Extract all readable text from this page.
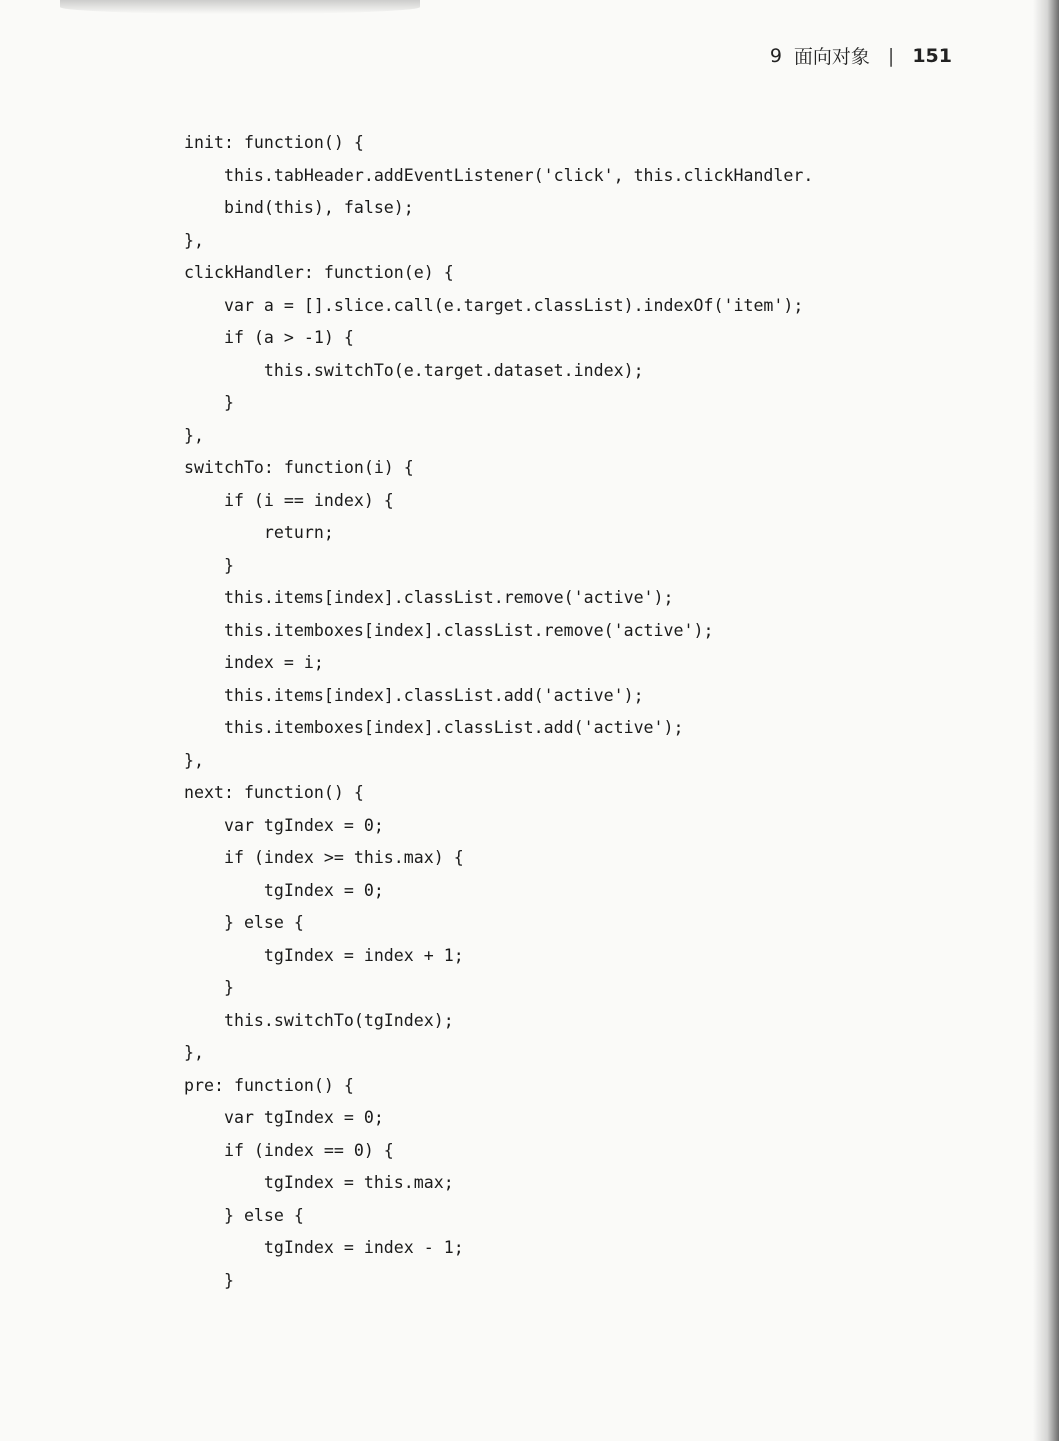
9 面向对象 | 151
init: function() {
this.tabHeader.addEventListener('click', this.clickHandler.
bind(this), false);
},
clickHandler: function(e) {
var a = [].slice.call(e.target.classList).indexOf('item');
if (a > -1) {
this.switchTo(e.target.dataset.index);
}
},
switchTo: function(i) {
if (i == index) {
return;
}
this.items[index].classList.remove('active');
this.itemboxes[index].classList.remove('active');
index = i;
this.items[index].classList.add('active');
this.itemboxes[index].classList.add('active');
},
next: function() {
var tgIndex = 0;
if (index >= this.max) {
tgIndex = 0;
} else {
tgIndex = index + 1;
}
this.switchTo(tgIndex);
},
pre: function() {
var tgIndex = 0;
if (index == 0) {
tgIndex = this.max;
} else {
tgIndex = index - 1;
}
